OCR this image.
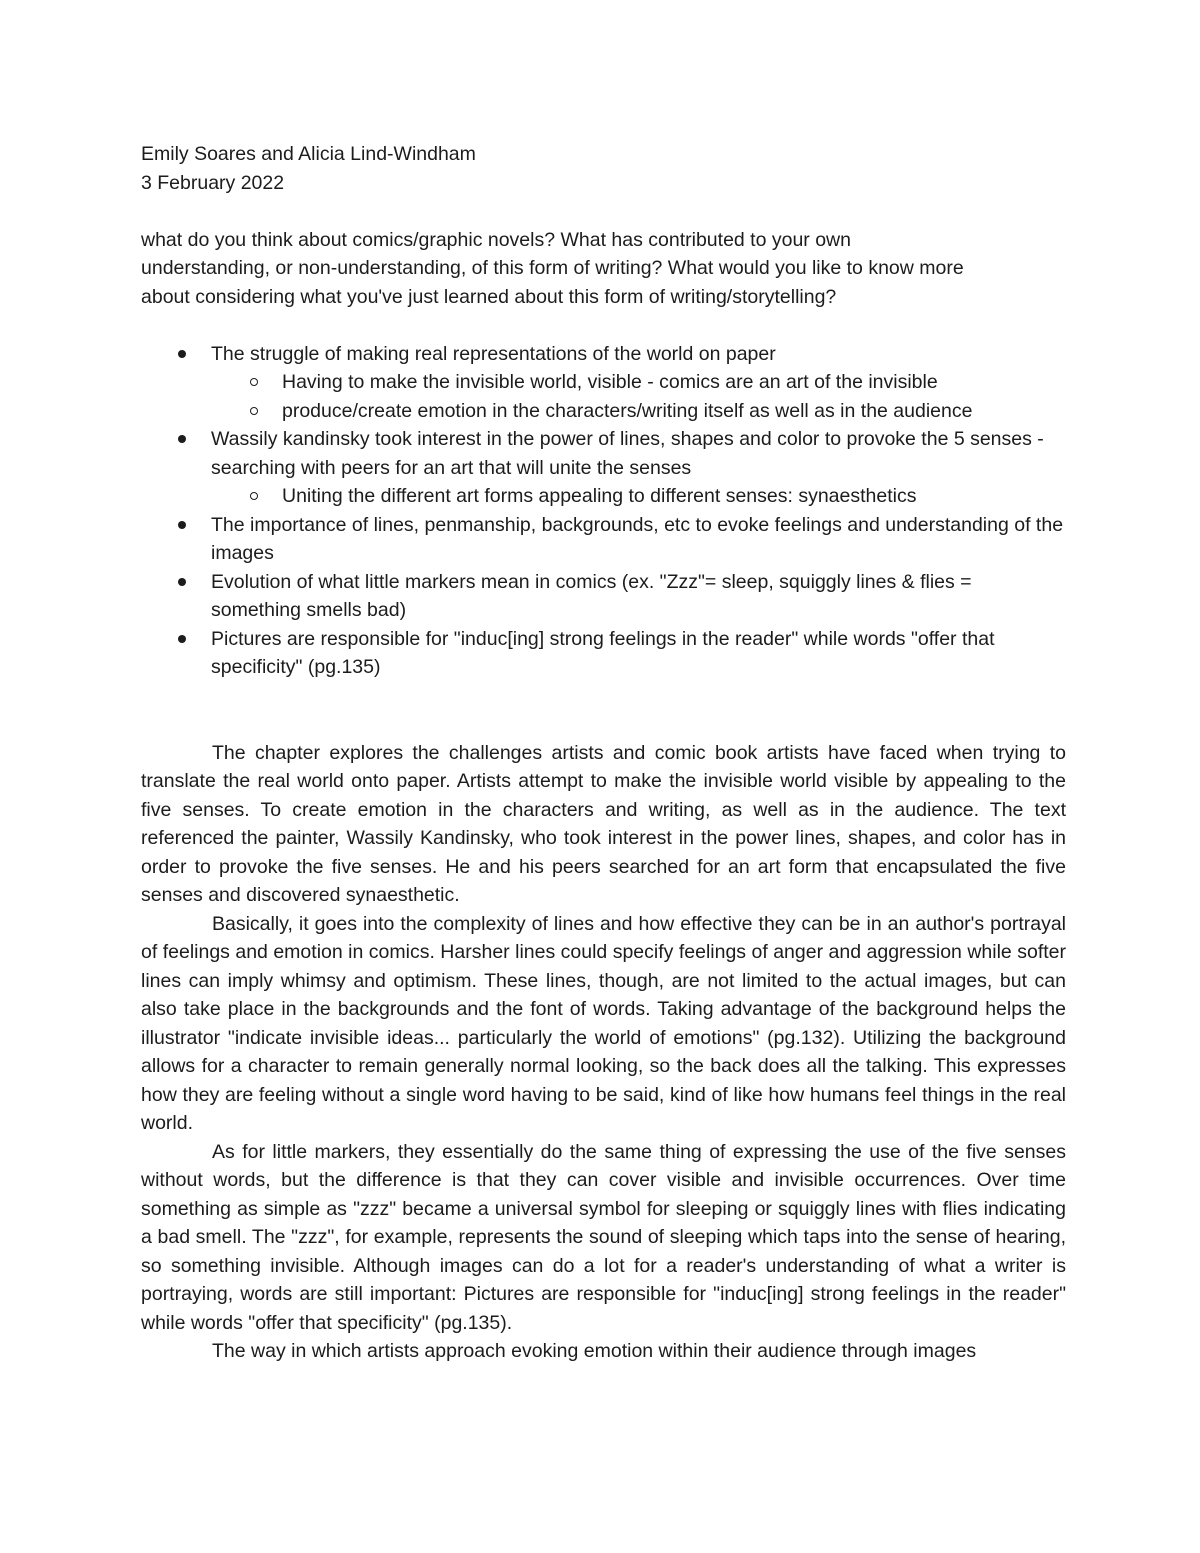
Emily Soares and Alicia Lind-Windham
3 February 2022
what do you think about comics/graphic novels? What has contributed to your own
understanding, or non-understanding, of this form of writing? What would you like to know more
about considering what you've just learned about this form of writing/storytelling?
The struggle of making real representations of the world on paper
Having to make the invisible world, visible - comics are an art of the invisible
produce/create emotion in the characters/writing itself as well as in the audience
Wassily kandinsky took interest in the power of lines, shapes and color to provoke the 5 senses - searching with peers for an art that will unite the senses
Uniting the different art forms appealing to different senses: synaesthetics
The importance of lines, penmanship, backgrounds, etc to evoke feelings and understanding of the images
Evolution of what little markers mean in comics (ex. "Zzz"= sleep, squiggly lines & flies = something smells bad)
Pictures are responsible for "induc[ing] strong feelings in the reader" while words "offer that specificity" (pg.135)

The chapter explores the challenges artists and comic book artists have faced when trying to translate the real world onto paper. Artists attempt to make the invisible world visible by appealing to the five senses. To create emotion in the characters and writing, as well as in the audience. The text referenced the painter, Wassily Kandinsky, who took interest in the power lines, shapes, and color has in order to provoke the five senses. He and his peers searched for an art form that encapsulated the five senses and discovered synaesthetic.

Basically, it goes into the complexity of lines and how effective they can be in an author's portrayal of feelings and emotion in comics. Harsher lines could specify feelings of anger and aggression while softer lines can imply whimsy and optimism. These lines, though, are not limited to the actual images, but can also take place in the backgrounds and the font of words. Taking advantage of the background helps the illustrator "indicate invisible ideas... particularly the world of emotions" (pg.132). Utilizing the background allows for a character to remain generally normal looking, so the back does all the talking. This expresses how they are feeling without a single word having to be said, kind of like how humans feel things in the real world.

As for little markers, they essentially do the same thing of expressing the use of the five senses without words, but the difference is that they can cover visible and invisible occurrences. Over time something as simple as "zzz" became a universal symbol for sleeping or squiggly lines with flies indicating a bad smell. The "zzz", for example, represents the sound of sleeping which taps into the sense of hearing, so something invisible. Although images can do a lot for a reader's understanding of what a writer is portraying, words are still important: Pictures are responsible for "induc[ing] strong feelings in the reader" while words "offer that specificity" (pg.135).

The way in which artists approach evoking emotion within their audience through images
